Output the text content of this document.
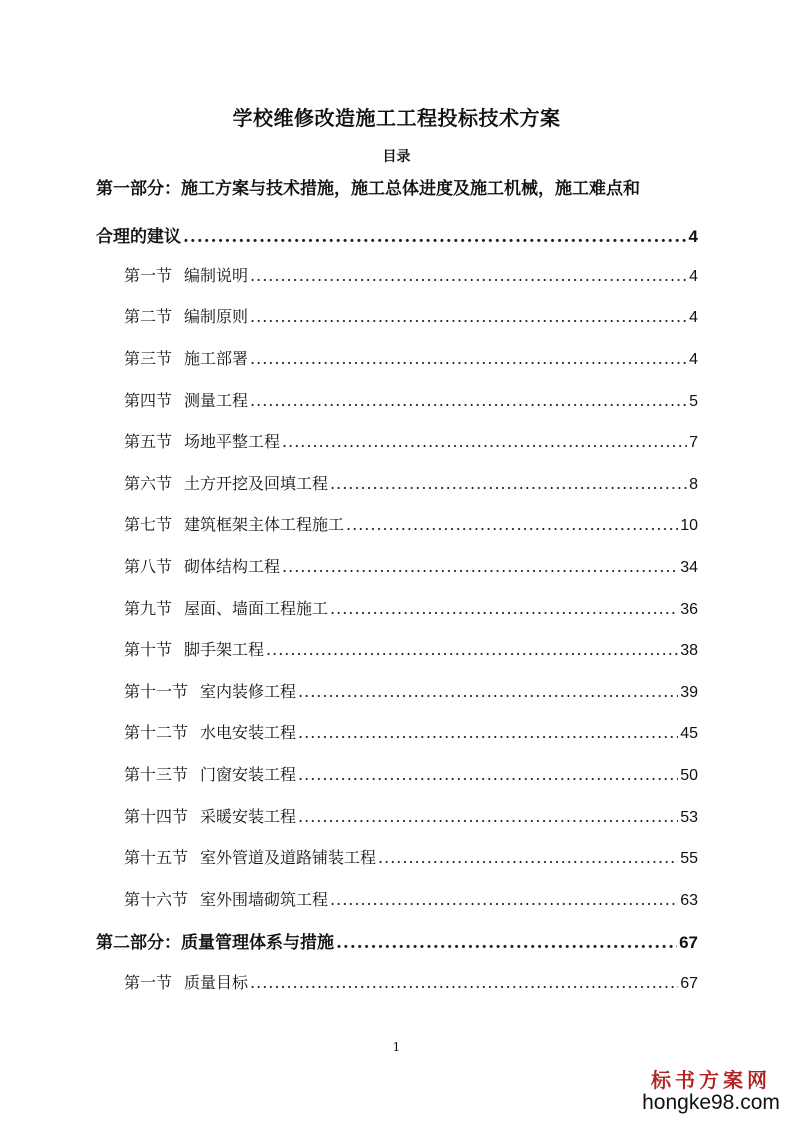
学校维修改造施工工程投标技术方案
目录
第一部分：施工方案与技术措施，施工总体进度及施工机械，施工难点和
合理的建议 .....	4
第一节 编制说明 .....	4
第二节 编制原则 .....	4
第三节 施工部署 .....	4
第四节 测量工程 .....	5
第五节 场地平整工程 .....	7
第六节 土方开挖及回填工程 .....	8
第七节 建筑框架主体工程施工 .....	10
第八节 砌体结构工程 .....	34
第九节 屋面、墙面工程施工 .....	36
第十节 脚手架工程 .....	38
第十一节 室内装修工程 .....	39
第十二节 水电安装工程 .....	45
第十三节 门窗安装工程 .....	50
第十四节 采暖安装工程 .....	53
第十五节 室外管道及道路铺装工程 .....	55
第十六节 室外围墙砌筑工程 .....	63
第二部分：质量管理体系与措施 .....	67
第一节 质量目标 .....	67
1
标书方案网
hongke98.com
